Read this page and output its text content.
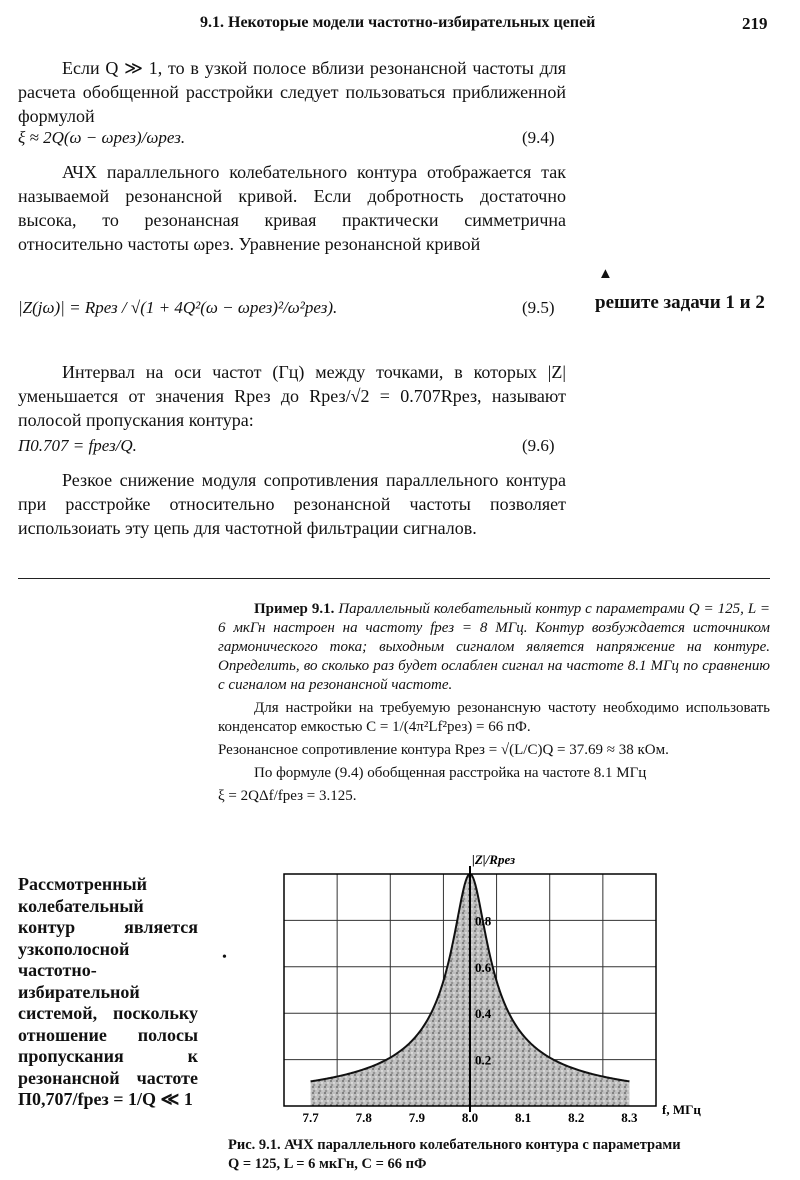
9.1. Некоторые модели частотно-избирательных цепей	219
Если Q ≫ 1, то в узкой полосе вблизи резонансной частоты для расчета обобщенной расстройки следует пользоваться приближенной формулой
ξ ≈ 2Q(ω − ωрез)/ωрез.	(9.4)
АЧХ параллельного колебательного контура отображается так называемой резонансной кривой. Если добротность достаточно высока, то резонансная кривая практически симметрична относительно частоты ωрез. Уравнение резонансной кривой
|Z(jω)| = Rрез / √(1 + 4Q²(ω − ωрез)²/ω²рез).	(9.5)
▲
решите задачи 1 и 2
Интервал на оси частот (Гц) между точками, в которых |Z| уменьшается от значения Rрез до Rрез/√2 = 0.707Rрез, называют полосой пропускания контура:
П0.707 = fрез/Q.	(9.6)
Резкое снижение модуля сопротивления параллельного контура при расстройке относительно резонансной частоты позволяет использоиать эту цепь для частотной фильтрации сигналов.

Пример 9.1. Параллельный колебательный контур с параметрами Q = 125, L = 6 мкГн настроен на частоту fрез = 8 МГц. Контур возбуждается источником гармонического тока; выходным сигналом является напряжение на контуре. Определить, во сколько раз будет ослаблен сигнал на частоте 8.1 МГц по сравнению с сигналом на резонансной частоте.

Для настройки на требуемую резонансную частоту необходимо использовать конденсатор емкостью C = 1/(4π²Lf²рез) = 66 пФ.

Резонансное сопротивление контура Rрез = √(L/C)Q = 37.69 ≈ 38 кОм.

По формуле (9.4) обобщенная расстройка на частоте 8.1 МГц

ξ = 2QΔf/fрез = 3.125.

Рассмотренный колебательный контур является узкополосной частотно-избирательной системой, поскольку отношение полосы пропускания к резонансной частоте П0,707/fрез = 1/Q ≪ 1
•
|Z|/Rрез
f, МГц
7.7	7.8	7.9	8.0	8.1	8.2	8.3
0.8
0.6
0.4
0.2
Рис. 9.1. АЧХ параллельного колебательного контура с параметрами
Q = 125, L = 6 мкГн, C = 66 пФ
